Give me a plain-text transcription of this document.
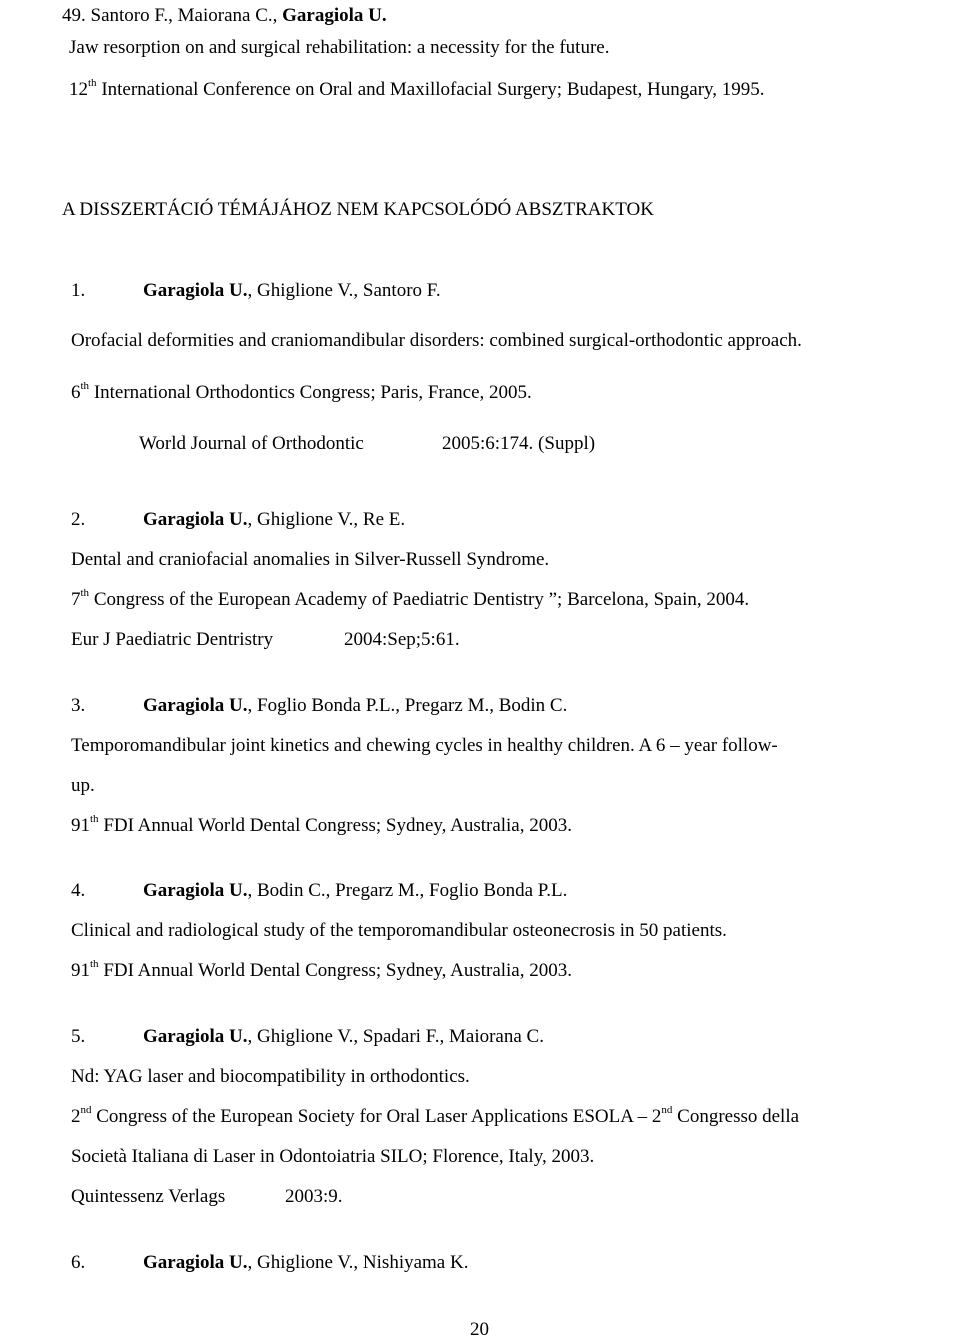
49. Santoro F., Maiorana C., Garagiola U.
Jaw resorption on and surgical rehabilitation: a necessity for the future.
12th International Conference on Oral and Maxillofacial Surgery; Budapest, Hungary, 1995.
A DISSZERTÁCIÓ TÉMÁJÁHOZ NEM KAPCSOLÓDÓ ABSZTRAKTOK
1.	Garagiola U., Ghiglione V., Santoro F.
Orofacial deformities and craniomandibular disorders: combined surgical-orthodontic approach.
6th International Orthodontics Congress; Paris, France, 2005.
World Journal of Orthodontic	2005:6:174. (Suppl)
2.	Garagiola U., Ghiglione V., Re E.
Dental and craniofacial anomalies in Silver-Russell Syndrome.
7th Congress of the European Academy of Paediatric Dentistry ”; Barcelona, Spain, 2004.
Eur J Paediatric Dentristry	2004:Sep;5:61.
3.	Garagiola U., Foglio Bonda P.L., Pregarz M., Bodin C.
Temporomandibular joint kinetics and chewing cycles in healthy children. A 6 – year follow-
up.
91th FDI Annual World Dental Congress; Sydney, Australia, 2003.
4.	Garagiola U., Bodin C., Pregarz M., Foglio Bonda P.L.
Clinical and radiological study of the temporomandibular osteonecrosis in 50 patients.
91th FDI Annual World Dental Congress; Sydney, Australia, 2003.
5.	Garagiola U., Ghiglione V., Spadari F., Maiorana C.
Nd: YAG laser and biocompatibility in orthodontics.
2nd Congress of the European Society for Oral Laser Applications ESOLA – 2nd Congresso della
Società Italiana di Laser in Odontoiatria SILO; Florence, Italy, 2003.
Quintessenz Verlags	2003:9.
6.	Garagiola U., Ghiglione V., Nishiyama K.
20
